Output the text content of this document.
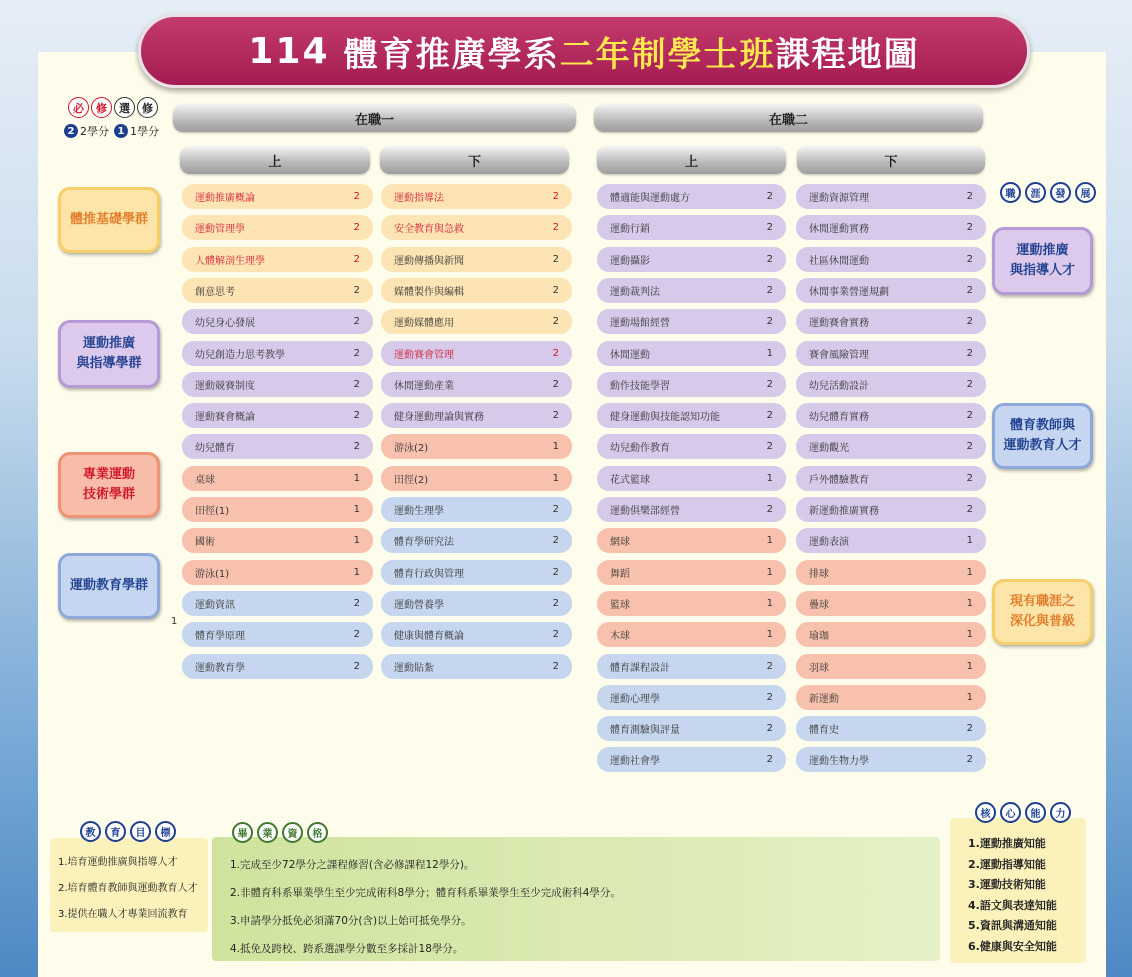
114 體育推廣學系 二年制學士班 課程地圖
必	修	選	修
2 2學分 1 1學分
在職一	在職二
上	下	上	下
體推基礎學群
運動推廣
與指導學群
專業運動
技術學群
運動教育學群
1
運動推廣概論	2
運動管理學	2
人體解剖生理學	2
創意思考	2
幼兒身心發展	2
幼兒創造力思考教學	2
運動競賽制度	2
運動賽會概論	2
幼兒體育	2
桌球	1
田徑(1)	1
國術	1
游泳(1)	1
運動資訊	2
體育學原理	2
運動教育學	2
運動指導法	2
安全教育與急救	2
運動傳播與新聞	2
媒體製作與編輯	2
運動媒體應用	2
運動賽會管理	2
休閒運動產業	2
健身運動理論與實務	2
游泳(2)	1
田徑(2)	1
運動生理學	2
體育學研究法	2
體育行政與管理	2
運動營養學	2
健康與體育概論	2
運動貼紮	2
體適能與運動處方	2
運動行銷	2
運動攝影	2
運動裁判法	2
運動場館經營	2
休閒運動	1
動作技能學習	2
健身運動與技能認知功能	2
幼兒動作教育	2
花式籃球	1
運動俱樂部經營	2
網球	1
舞蹈	1
籃球	1
木球	1
體育課程設計	2
運動心理學	2
體育測驗與評量	2
運動社會學	2
運動資源管理	2
休閒運動實務	2
社區休閒運動	2
休閒事業營運規劃	2
運動賽會實務	2
賽會風險管理	2
幼兒活動設計	2
幼兒體育實務	2
運動觀光	2
戶外體驗教育	2
新運動推廣實務	2
運動表演	1
排球	1
疊球	1
瑜珈	1
羽球	1
新運動	1
體育史	2
運動生物力學	2
職	涯	發	展
運動推廣
與指導人才
體育教師與
運動教育人才
現有職涯之
深化與普級
教	育	目	標
1.培育運動推廣與指導人才
2.培育體育教師與運動教育人才
3.提供在職人才專業回流教育
畢	業	資	格
1.完成至少72學分之課程修習(含必修課程12學分)。
2.非體育科系畢業學生至少完成術科8學分；體育科系畢業學生至少完成術科4學分。
3.申請學分抵免必須滿70分(含)以上始可抵免學分。
4.抵免及跨校、跨系選課學分數至多採計18學分。
核	心	能	力
1.運動推廣知能
2.運動指導知能
3.運動技術知能
4.語文與表達知能
5.資訊與溝通知能
6.健康與安全知能
